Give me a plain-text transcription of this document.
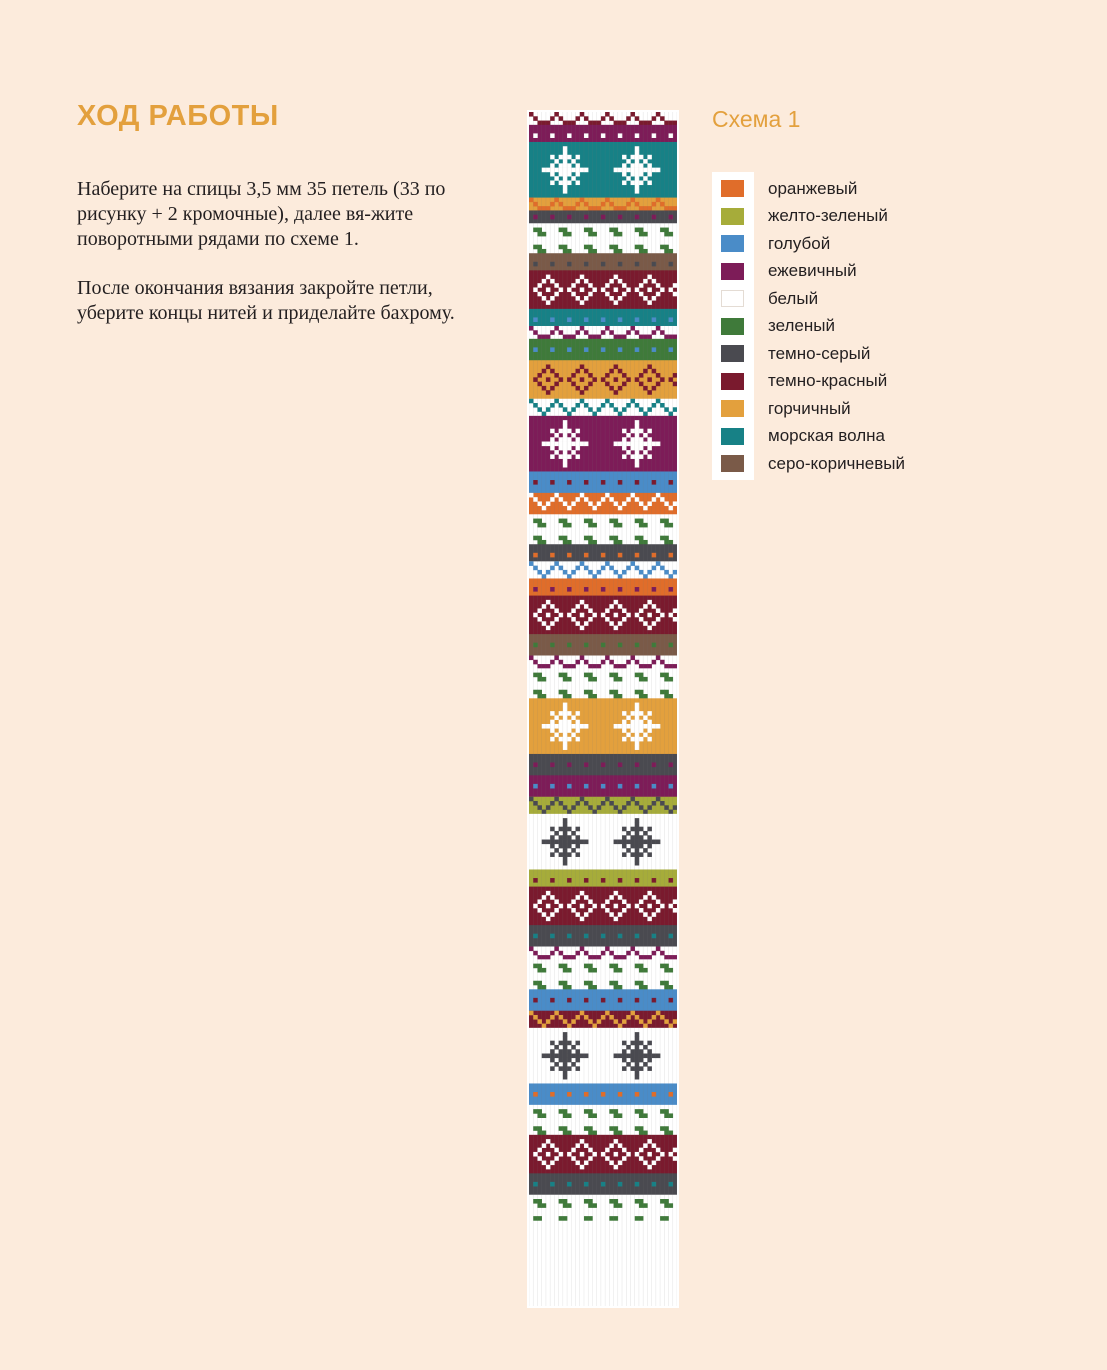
ХОД РАБОТЫ

Наберите на спицы 3,5 мм 35 петель (33 по рисунку + 2 кромочные), далее вя-жите поворотными рядами по схеме 1.

После окончания вязания закройте петли, уберите концы нитей и приделайте бахрому.

Схема 1
оранжевый
желто-зеленый
голубой
ежевичный
белый
зеленый
темно-серый
темно-красный
горчичный
морская волна
серо-коричневый
